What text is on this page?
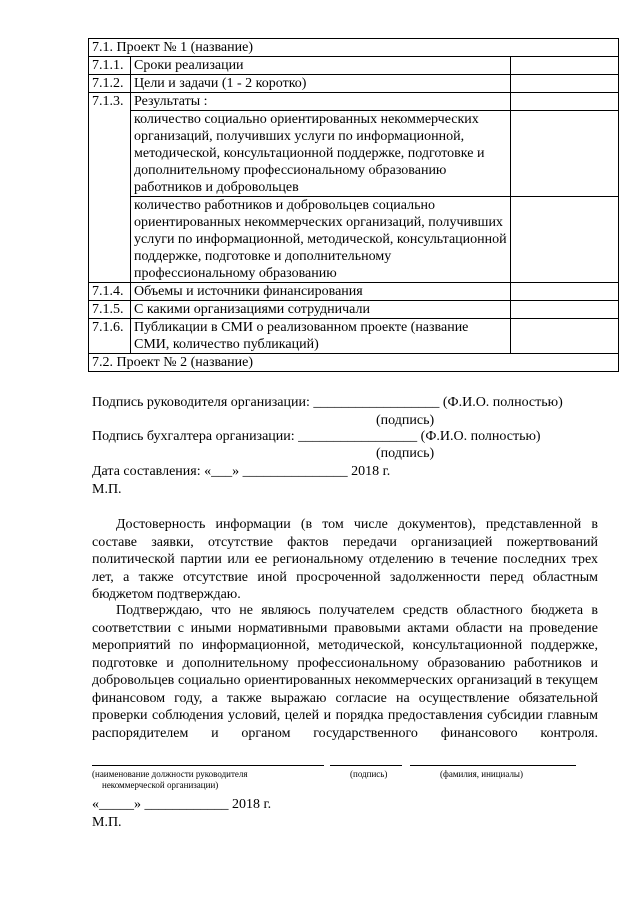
7.1. Проект № 1 (название)		
7.1.1.	Сроки реализации	
7.1.2.	Цели и задачи (1 - 2 коротко)	
7.1.3.	Результаты :	
	количество социально ориентированных некоммерческих организаций, получивших услуги по информационной, методической, консультационной поддержке, подготовке и дополнительному профессиональному образованию работников и добровольцев	
	количество работников и добровольцев социально ориентированных некоммерческих организаций, получивших услуги по информационной, методической, консультационной поддержке, подготовке и дополнительному профессиональному образованию	
7.1.4.	Объемы и источники финансирования	
7.1.5.	С какими организациями сотрудничали	
7.1.6.	Публикации в СМИ о реализованном проекте (название СМИ, количество публикаций)	
7.2. Проект № 2 (название)		
Подпись руководителя организации: __________________ (Ф.И.О. полностью)
(подпись)
Подпись бухгалтера организации: _________________ (Ф.И.О. полностью)
(подпись)
Дата составления: «___» _______________ 2018 г.
М.П.
Достоверность информации (в том числе документов), представленной в составе заявки, отсутствие фактов передачи организацией пожертвований политической партии или ее региональному отделению в течение последних трех лет, а также отсутствие иной просроченной задолженности перед областным бюджетом подтверждаю.
Подтверждаю, что не являюсь получателем средств областного бюджета в соответствии с иными нормативными правовыми актами области на проведение мероприятий по информационной, методической, консультационной поддержке, подготовке и дополнительному профессиональному образованию работников и добровольцев социально ориентированных некоммерческих организаций в текущем финансовом году, а также выражаю согласие на осуществление обязательной проверки соблюдения условий, целей и порядка предоставления субсидии главным распорядителем и органом государственного финансового контроля.
(наименование должности руководителя
некоммерческой организации)
(подпись)	(фамилия, инициалы)
«_____» ____________ 2018 г.
М.П.
